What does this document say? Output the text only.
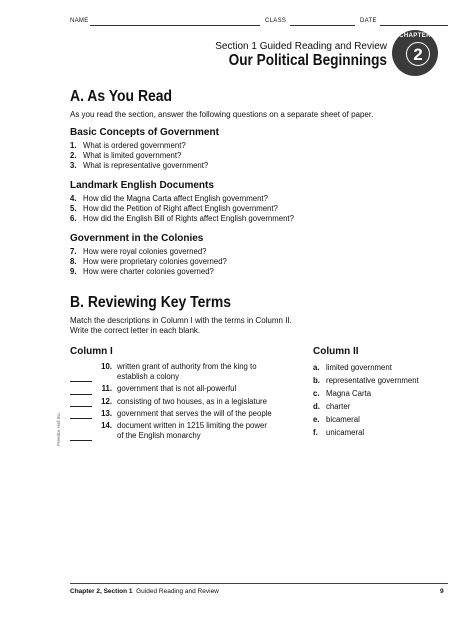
NAME	CLASS	DATE
Section 1 Guided Reading and Review
Our Political Beginnings
CHAPTER
2
A. As You Read
As you read the section, answer the following questions on a separate sheet of paper.
Basic Concepts of Government
1. What is ordered government?
2. What is limited government?
3. What is representative government?
Landmark English Documents
4. How did the Magna Carta affect English government?
5. How did the Petition of Right affect English government?
6. How did the English Bill of Rights affect English government?
Government in the Colonies
7. How were royal colonies governed?
8. How were proprietary colonies governed?
9. How were charter colonies governed?
B. Reviewing Key Terms
Match the descriptions in Column I with the terms in Column II.
Write the correct letter in each blank.
Column I	Column II
10. written grant of authority from the king to
establish a colony
11. government that is not all-powerful
12. consisting of two houses, as in a legislature
13. government that serves the will of the people
14. document written in 1215 limiting the power
of the English monarchy
a. limited government
b. representative government
c. Magna Carta
d. charter
e. bicameral
f. unicameral
Prentice Hall Inc.
Chapter 2, Section 1 Guided Reading and Review	9
